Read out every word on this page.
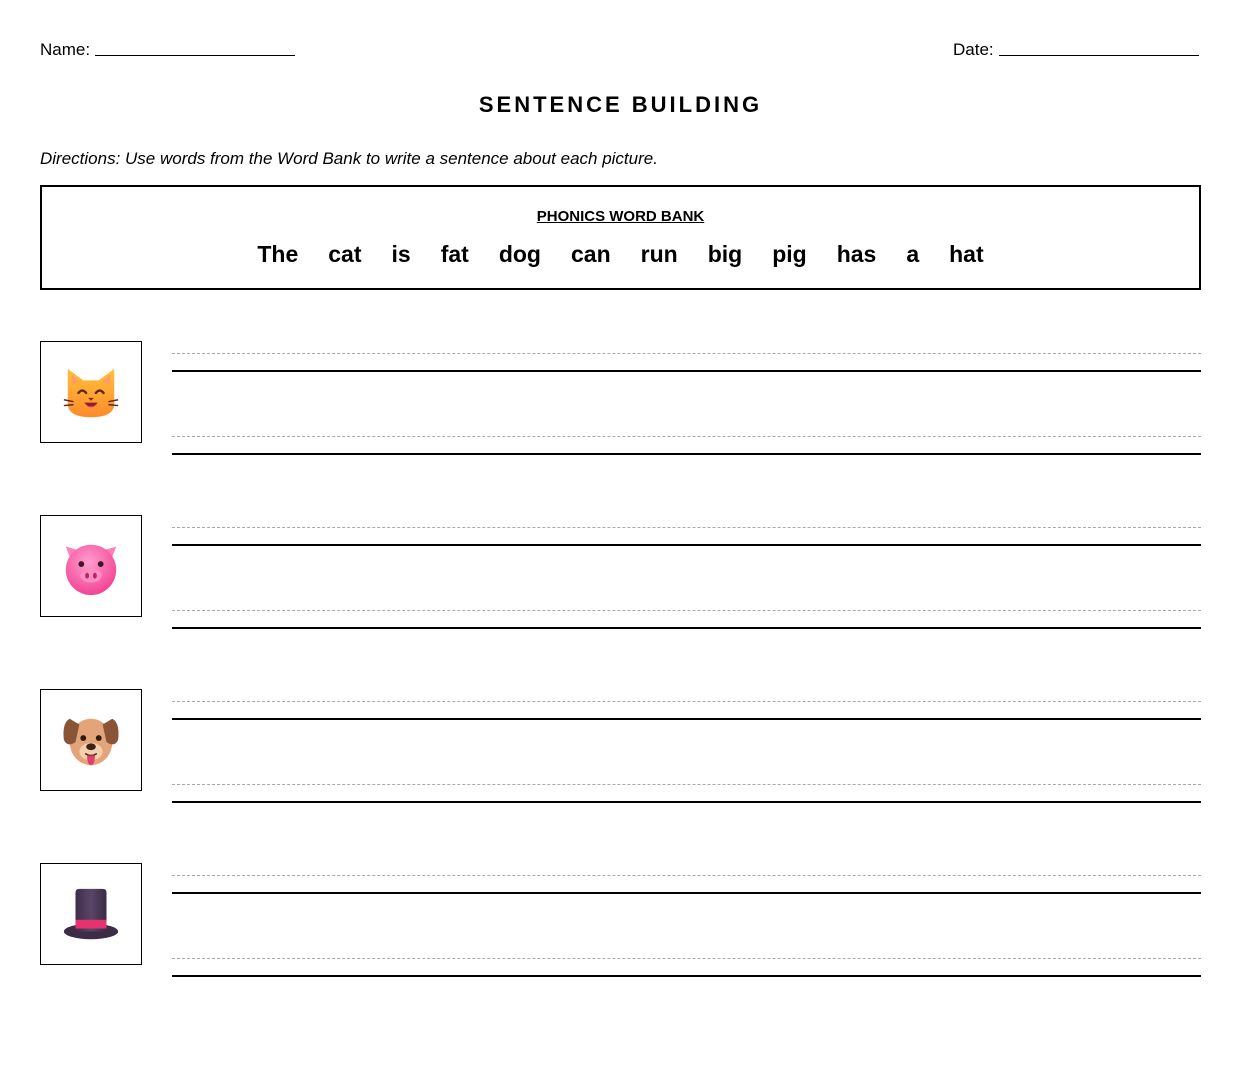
Name:	Date:
SENTENCE BUILDING
Directions: Use words from the Word Bank to write a sentence about each picture.
PHONICS WORD BANK
The cat is fat dog can run big pig has a hat
